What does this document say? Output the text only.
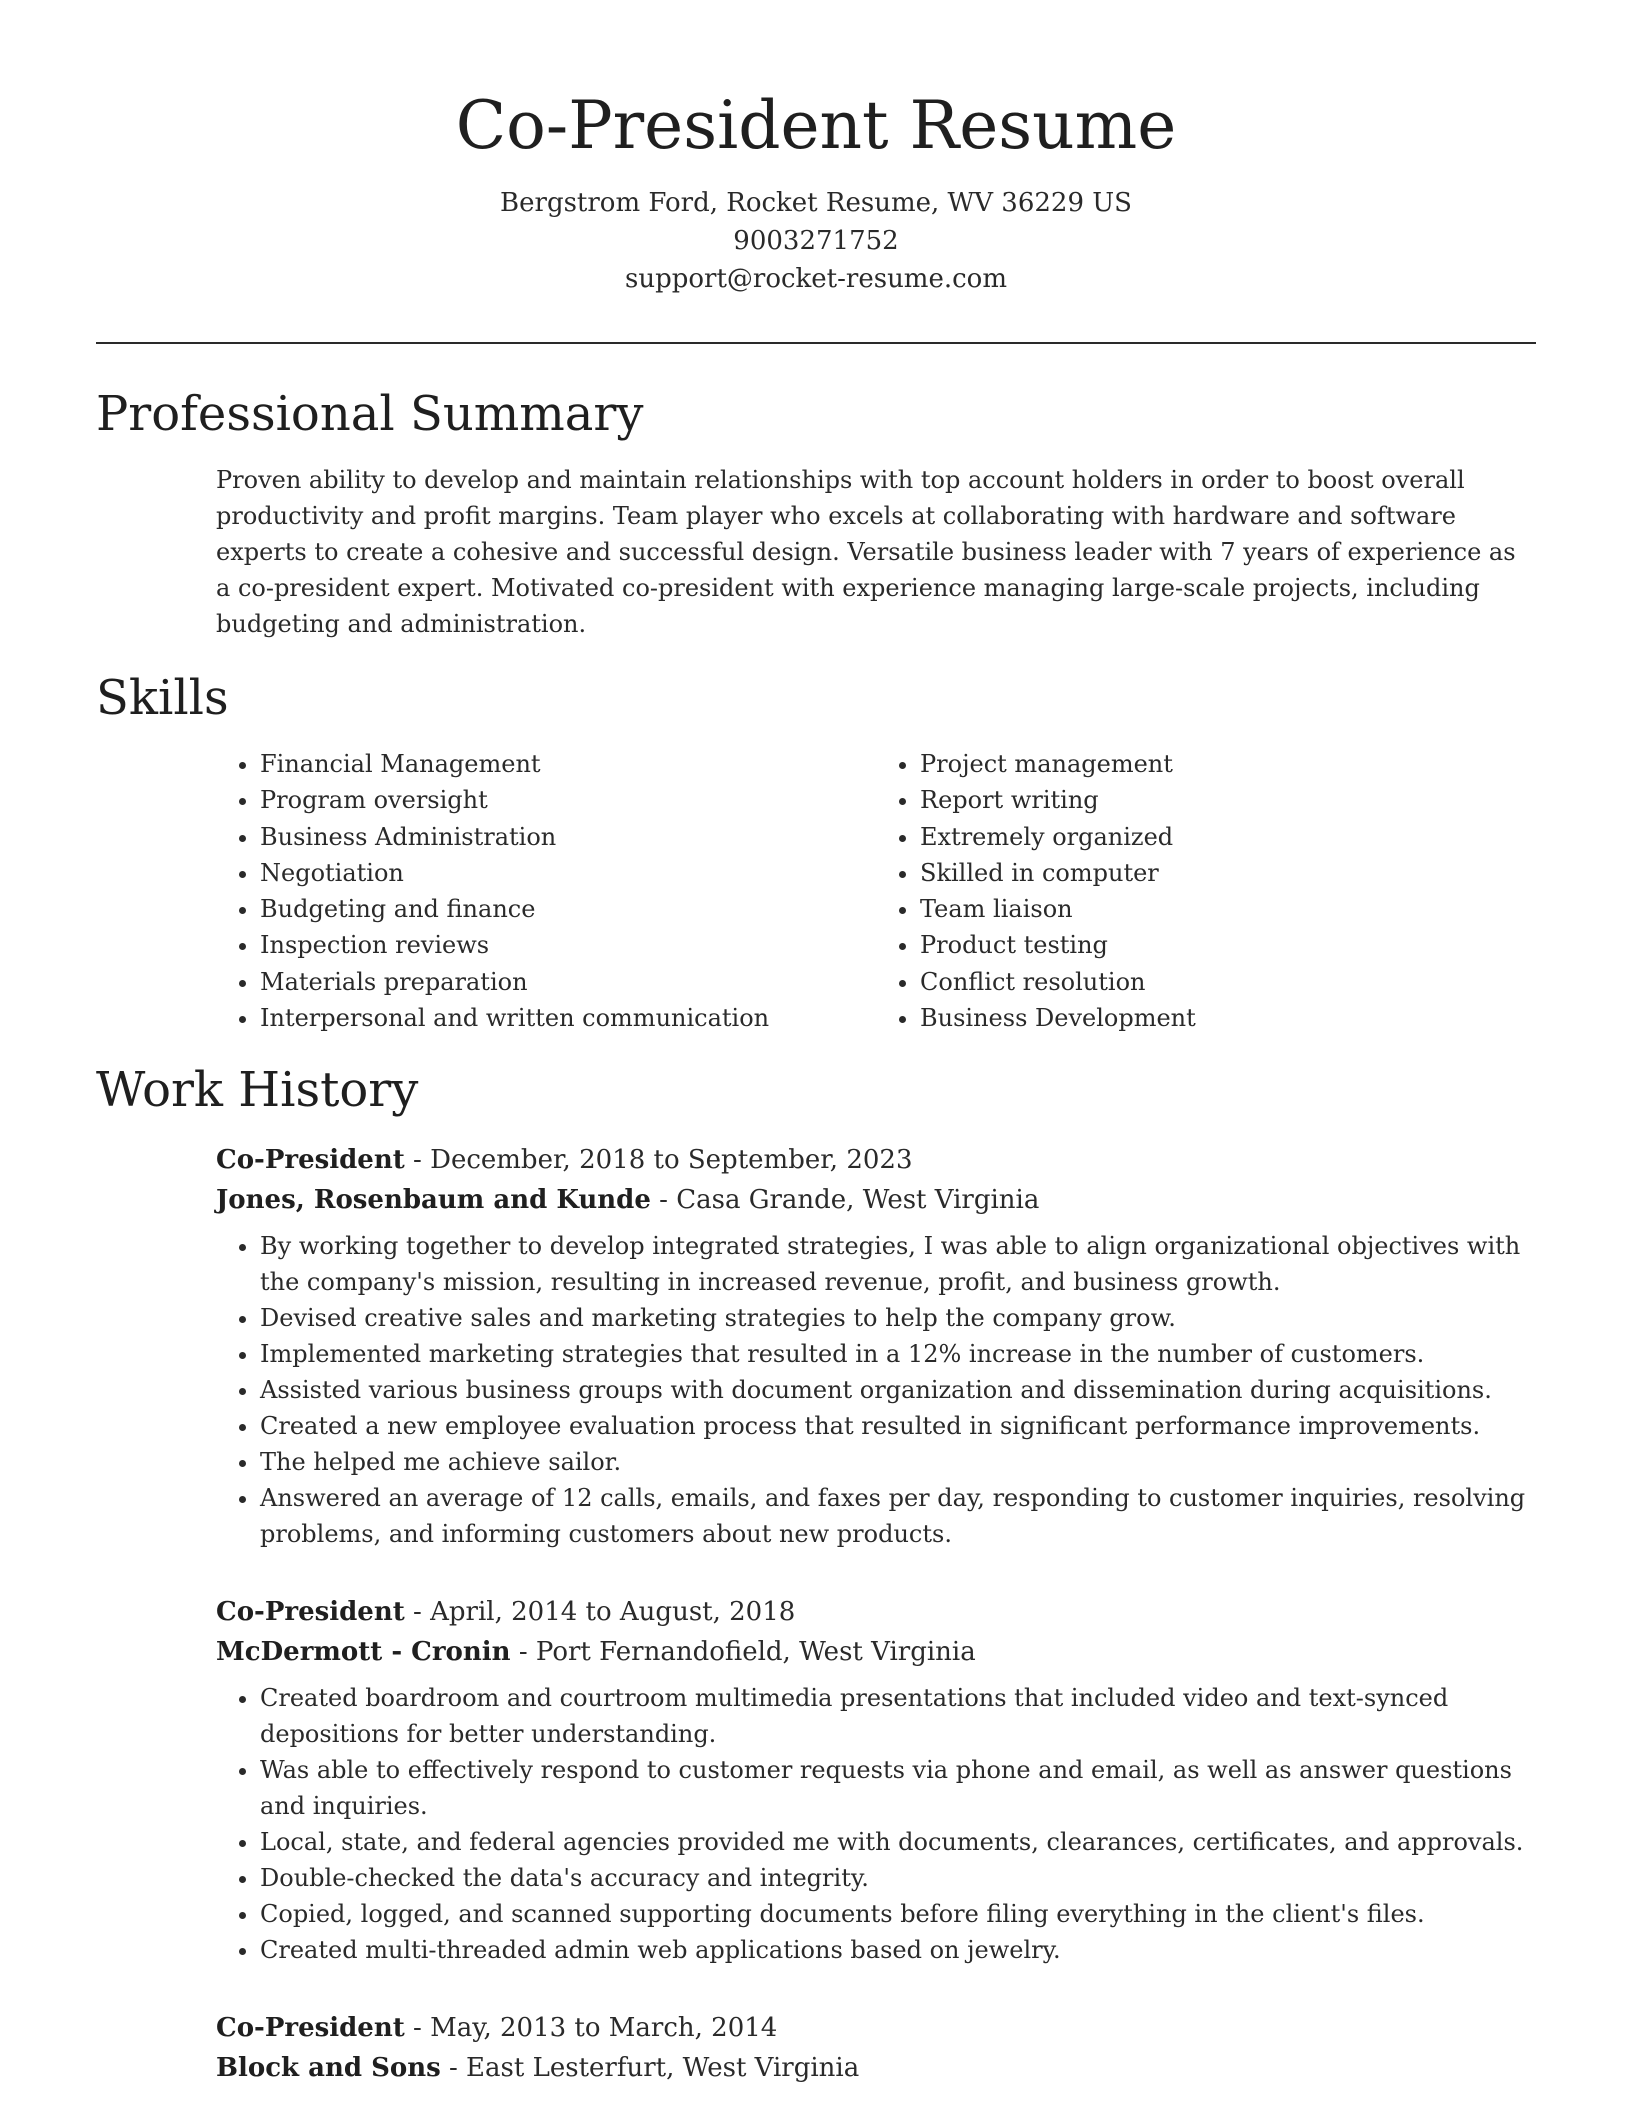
Co-President Resume
Bergstrom Ford, Rocket Resume, WV 36229 US
9003271752
support@rocket-resume.com
Professional Summary

Proven ability to develop and maintain relationships with top account holders in order to boost overall productivity and profit margins. Team player who excels at collaborating with hardware and software experts to create a cohesive and successful design. Versatile business leader with 7 years of experience as a co-president expert. Motivated co-president with experience managing large-scale projects, including budgeting and administration.

Skills
• Financial Management
• Program oversight
• Business Administration
• Negotiation
• Budgeting and finance
• Inspection reviews
• Materials preparation
• Interpersonal and written communication
• Project management
• Report writing
• Extremely organized
• Skilled in computer
• Team liaison
• Product testing
• Conflict resolution
• Business Development
Work History
Co-President - December, 2018 to September, 2023
Jones, Rosenbaum and Kunde - Casa Grande, West Virginia
• By working together to develop integrated strategies, I was able to align organizational objectives with the company's mission, resulting in increased revenue, profit, and business growth.
• Devised creative sales and marketing strategies to help the company grow.
• Implemented marketing strategies that resulted in a 12% increase in the number of customers.
• Assisted various business groups with document organization and dissemination during acquisitions.
• Created a new employee evaluation process that resulted in significant performance improvements.
• The helped me achieve sailor.
• Answered an average of 12 calls, emails, and faxes per day, responding to customer inquiries, resolving problems, and informing customers about new products.
Co-President - April, 2014 to August, 2018
McDermott - Cronin - Port Fernandofield, West Virginia
• Created boardroom and courtroom multimedia presentations that included video and text-synced depositions for better understanding.
• Was able to effectively respond to customer requests via phone and email, as well as answer questions and inquiries.
• Local, state, and federal agencies provided me with documents, clearances, certificates, and approvals.
• Double-checked the data's accuracy and integrity.
• Copied, logged, and scanned supporting documents before filing everything in the client's files.
• Created multi-threaded admin web applications based on jewelry.
Co-President - May, 2013 to March, 2014
Block and Sons - East Lesterfurt, West Virginia
